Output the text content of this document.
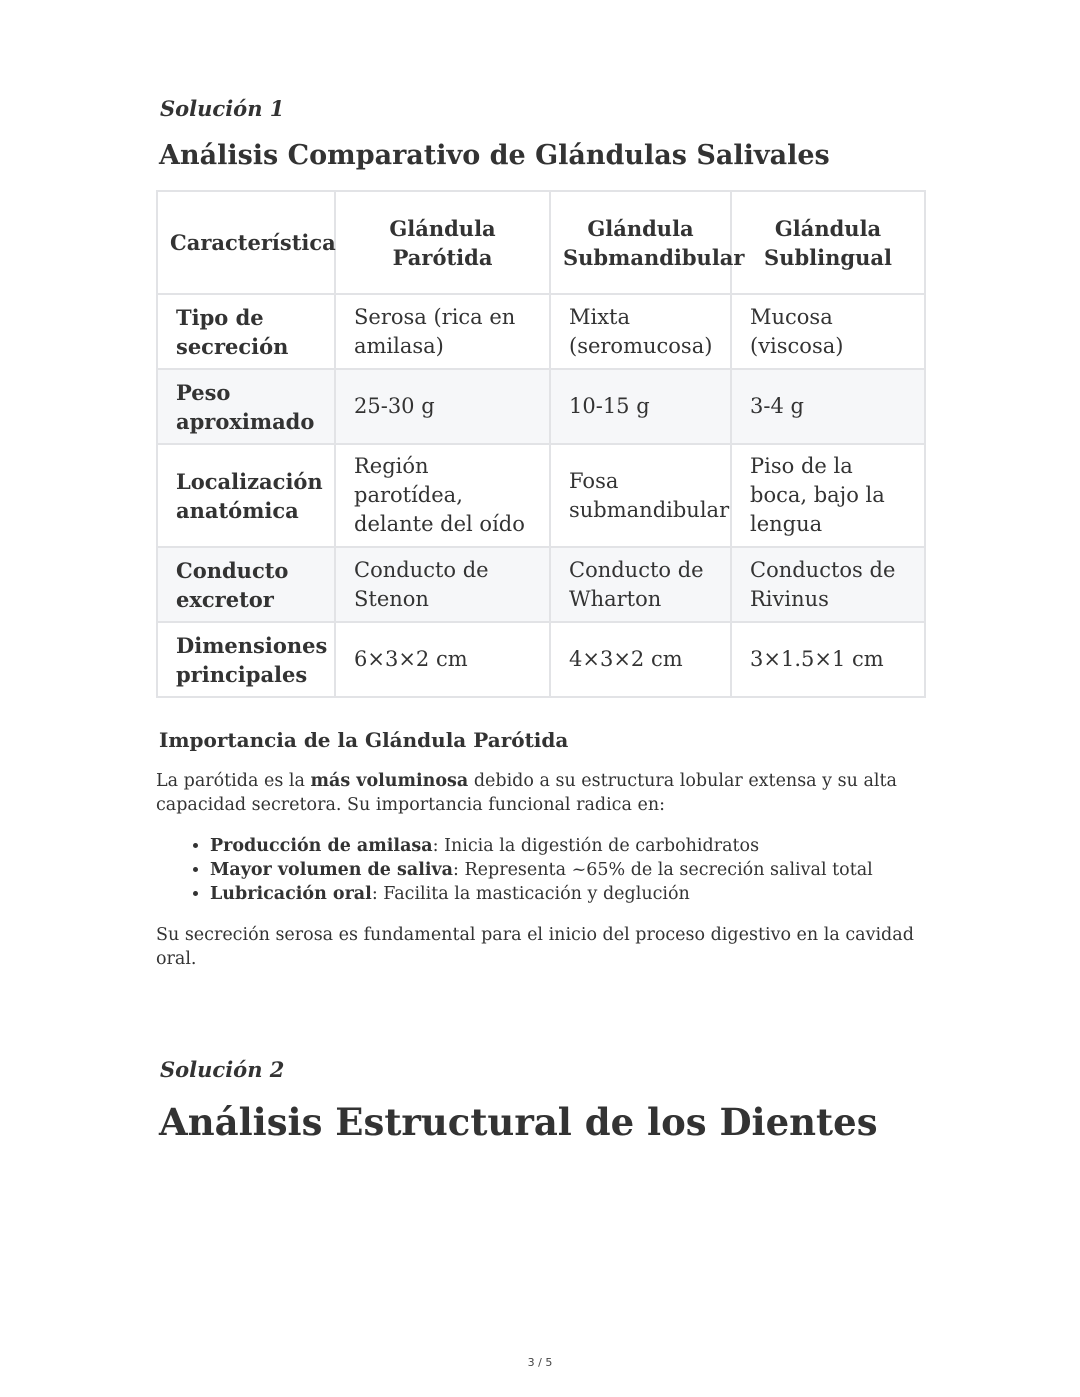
Solución 1
Análisis Comparativo de Glándulas Salivales
Característica	Glándula Parótida	Glándula Submandibular	Glándula Sublingual
Tipo de secreción	Serosa (rica en amilasa)	Mixta (seromucosa)	Mucosa (viscosa)
Peso aproximado	25-30 g	10-15 g	3-4 g
Localización anatómica	Región parotídea, delante del oído	Fosa submandibular	Piso de la boca, bajo la lengua
Conducto excretor	Conducto de Stenon	Conducto de Wharton	Conductos de Rivinus
Dimensiones principales	6×3×2 cm	4×3×2 cm	3×1.5×1 cm
Importancia de la Glándula Parótida

La parótida es la más voluminosa debido a su estructura lobular extensa y su alta capacidad secretora. Su importancia funcional radica en:

• Producción de amilasa: Inicia la digestión de carbohidratos
• Mayor volumen de saliva: Representa ~65% de la secreción salival total
• Lubricación oral: Facilita la masticación y deglución

Su secreción serosa es fundamental para el inicio del proceso digestivo en la cavidad oral.

Solución 2
Análisis Estructural de los Dientes
3 / 5
